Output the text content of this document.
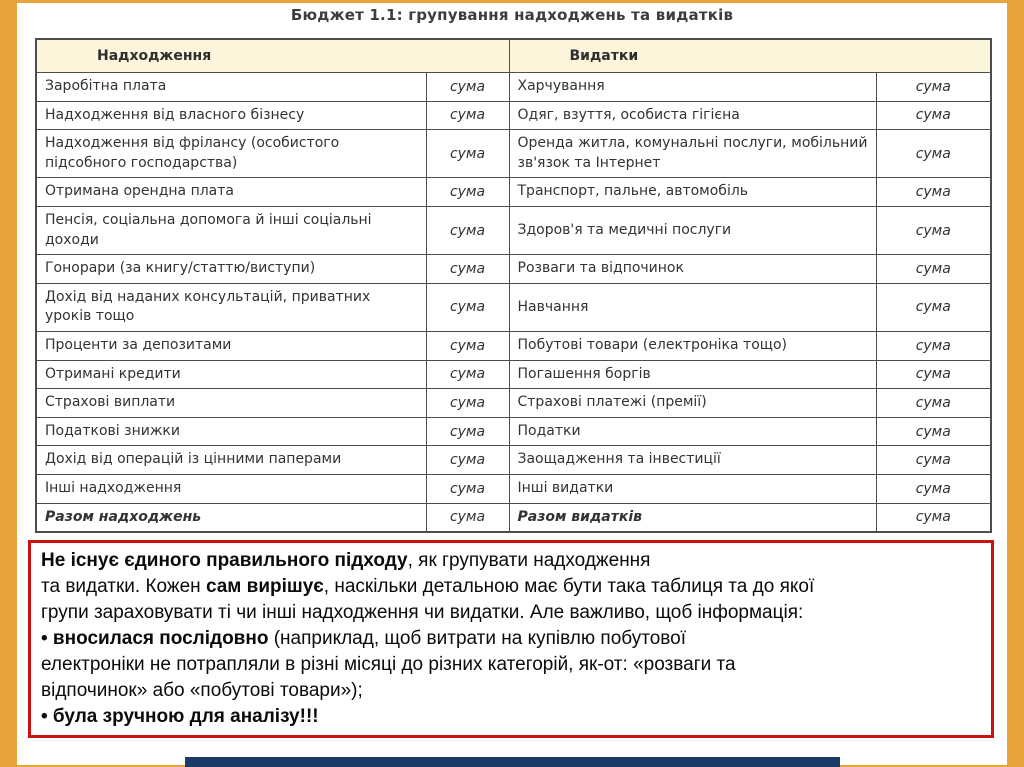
Бюджет 1.1: групування надходжень та видатків
Надходження		Видатки	
Заробітна плата	сума	Харчування	сума
Надходження від власного бізнесу	сума	Одяг, взуття, особиста гігієна	сума
Надходження від фрілансу (особистого підсобного господарства)	сума	Оренда житла, комунальні послуги, мобільний зв'язок та Інтернет	сума
Отримана орендна плата	сума	Транспорт, пальне, автомобіль	сума
Пенсія, соціальна допомога й інші соціальні доходи	сума	Здоров'я та медичні послуги	сума
Гонорари (за книгу/статтю/виступи)	сума	Розваги та відпочинок	сума
Дохід від наданих консультацій, приватних уроків тощо	сума	Навчання	сума
Проценти за депозитами	сума	Побутові товари (електроніка тощо)	сума
Отримані кредити	сума	Погашення боргів	сума
Страхові виплати	сума	Страхові платежі (премії)	сума
Податкові знижки	сума	Податки	сума
Дохід від операцій із цінними паперами	сума	Заощадження та інвестиції	сума
Інші надходження	сума	Інші видатки	сума
Разом надходжень	сума	Разом видатків	сума
Не існує єдиного правильного підходу, як групувати надходження
та видатки. Кожен сам вирішує, наскільки детальною має бути така таблиця та до якої
групи зараховувати ті чи інші надходження чи видатки. Але важливо, щоб інформація:
• вносилася послідовно (наприклад, щоб витрати на купівлю побутової
електроніки не потрапляли в різні місяці до різних категорій, як-от: «розваги та
відпочинок» або «побутові товари»);
• була зручною для аналізу!!!
